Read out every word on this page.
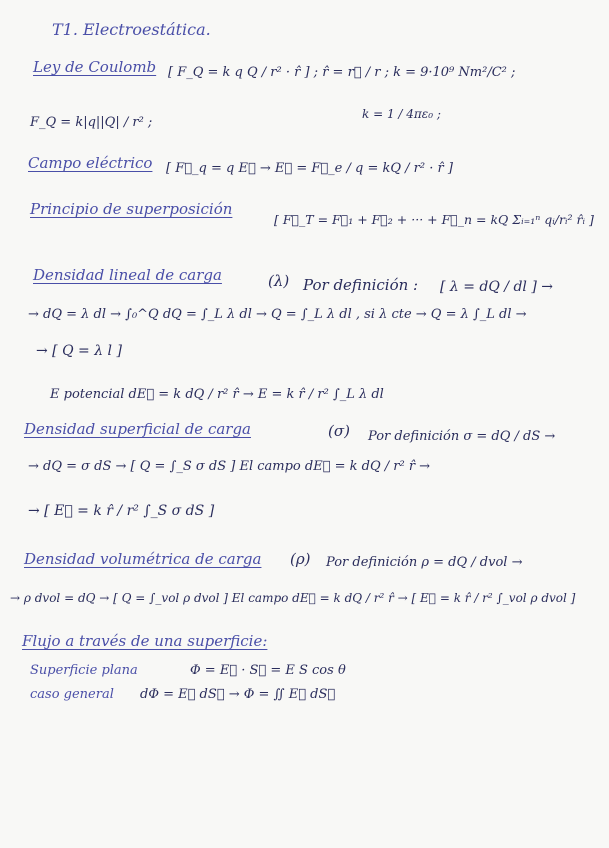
T1. Electroestática.
Ley de Coulomb [ F_Q = k q Q / r² · r̂ ] ; r̂ = r⃗ / r ; k = 9·10⁹ Nm²/C² ;
k = 1 / 4πε₀ ;
F_Q = k|q||Q| / r² ;
Campo eléctrico [ F⃗_q = q E⃗ → E⃗ = F⃗_e / q = kQ / r² · r̂ ]
Principio de superposición
[ F⃗_T = F⃗₁ + F⃗₂ + ··· + F⃗_n = kQ Σᵢ₌₁ⁿ qᵢ/rᵢ² r̂ᵢ ]
Densidad lineal de carga	(λ) Por definición : [ λ = dQ / dl ] →
→ dQ = λ dl → ∫₀^Q dQ = ∫_L λ dl → Q = ∫_L λ dl , si λ cte → Q = λ ∫_L dl →
→ [ Q = λ l ]
E potencial dE⃗ = k dQ / r² r̂ → E = k r̂ / r² ∫_L λ dl
Densidad superficial de carga	(σ) Por definición σ = dQ / dS →
→ dQ = σ dS → [ Q = ∫_S σ dS ] El campo dE⃗ = k dQ / r² r̂ →
→ [ E⃗ = k r̂ / r² ∫_S σ dS ]
Densidad volumétrica de carga (ρ) Por definición ρ = dQ / dvol →
→ ρ dvol = dQ → [ Q = ∫_vol ρ dvol ] El campo dE⃗ = k dQ / r² r̂ → [ E⃗ = k r̂ / r² ∫_vol ρ dvol ]
Flujo a través de una superficie:
Superficie plana	Φ = E⃗ · S⃗ = E S cos θ
caso general dΦ = E⃗ dS⃗ → Φ = ∬ E⃗ dS⃗
